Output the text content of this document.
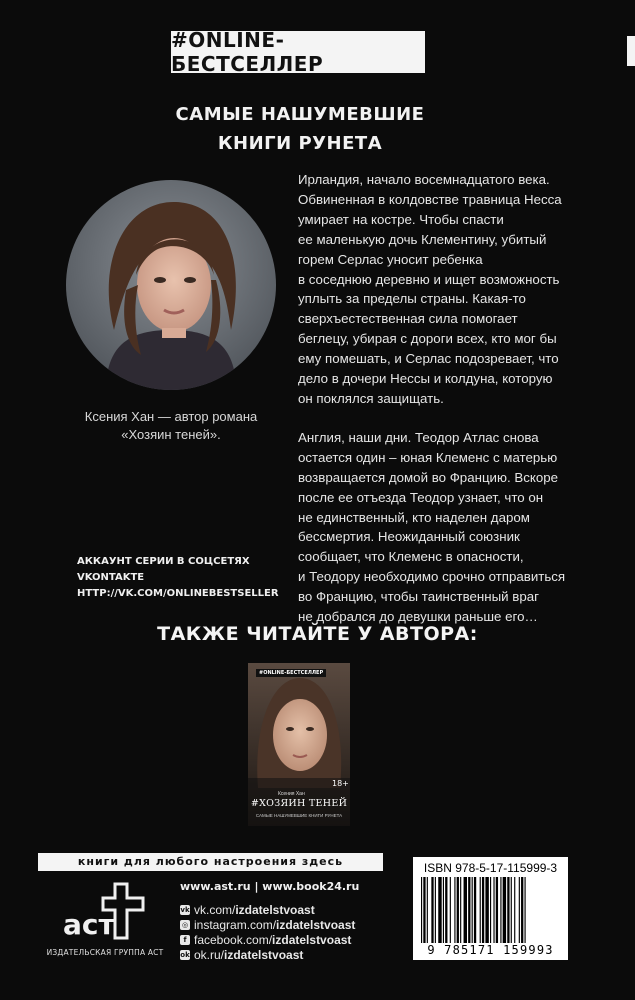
#ONLINE-БЕСТСЕЛЛЕР
САМЫЕ НАШУМЕВШИЕ
КНИГИ РУНЕТА
Ксения Хан — автор романа
«Хозяин теней».

Ирландия, начало восемнадцатого века.
Обвиненная в колдовстве травница Несса
умирает на костре. Чтобы спасти
ее маленькую дочь Клементину, убитый
горем Серлас уносит ребенка
в соседнюю деревню и ищет возможность
уплыть за пределы страны. Какая-то
сверхъестественная сила помогает
беглецу, убирая с дороги всех, кто мог бы
ему помешать, и Серлас подозревает, что
дело в дочери Нессы и колдуна, которую
он поклялся защищать.

Англия, наши дни. Теодор Атлас снова
остается один – юная Клеменс с матерью
возвращается домой во Францию. Вскоре
после ее отъезда Теодор узнает, что он
не единственный, кто наделен даром
бессмертия. Неожиданный союзник
сообщает, что Клеменс в опасности,
и Теодору необходимо срочно отправиться
во Францию, чтобы таинственный враг
не добрался до девушки раньше его…

АККАУНТ СЕРИИ В СОЦСЕТЯХ
VKONTAKTE
HTTP://VK.COM/ONLINEBESTSELLER
ТАКЖЕ ЧИТАЙТЕ У АВТОРА:
#ONLINE-БЕСТСЕЛЛЕР
18+
Ксения Хан
#ХОЗЯИН ТЕНЕЙ
САМЫЕ НАШУМЕВШИЕ КНИГИ РУНЕТА
книги для любого настроения здесь
аст
ИЗДАТЕЛЬСКАЯ ГРУППА АСТ
www.ast.ru | www.book24.ru
vk vk.com/ izdatelstvoast
◎ instagram.com/ izdatelstvoast
f facebook.com/ izdatelstvoast
ok ok.ru/ izdatelstvoast
ISBN 978-5-17-115999-3
9 785171 159993
